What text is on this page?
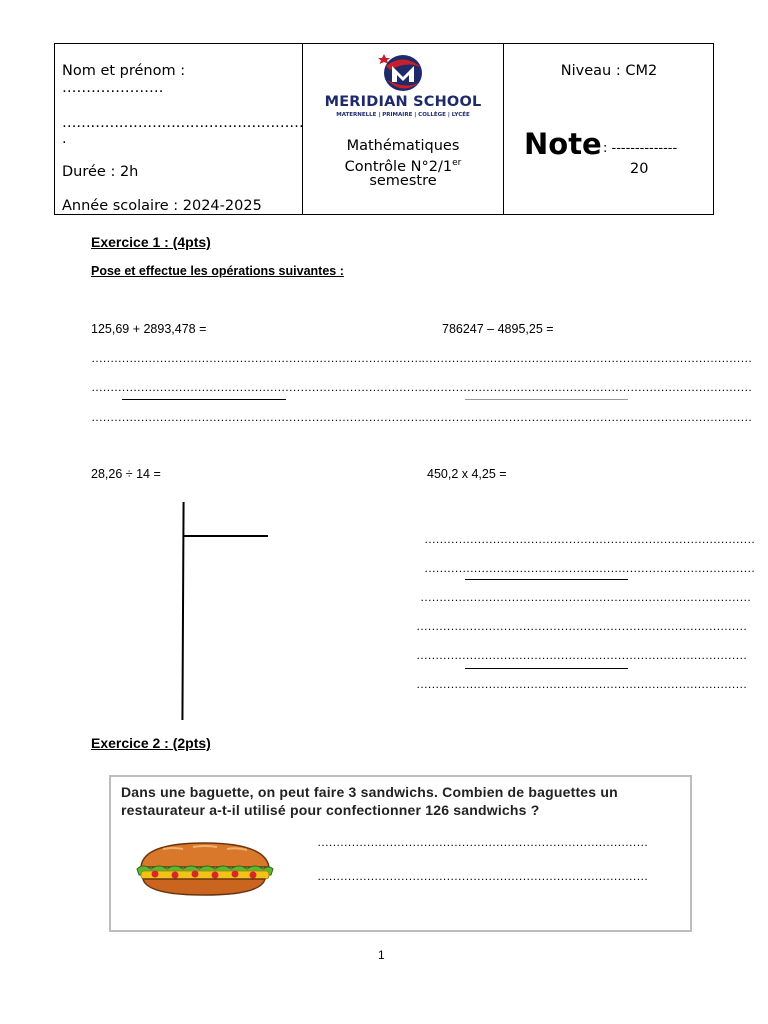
Nom et prénom :
…………………
……………………………………………
.
Durée : 2h
Année scolaire : 2024-2025
MERIDIAN SCHOOL
MATERNELLE | PRIMAIRE | COLLÈGE | LYCÉE
Mathématiques
Contrôle N°2/1er
semestre
Niveau : CM2
Note : --------------
20
Exercice 1 : (4pts)
Pose et effectue les opérations suivantes :
125,69 + 2893,478 =	786247 – 4895,25 =
……………………………………………………………………………
……………………………………………………………………………
……………………………………………………………………………
……………………………………………………………………………
……………………………………………………………………………
……………………………………………………………………………
28,26 ÷ 14 =	450,2 x 4,25 =
……………………………………………………………………………
……………………………………………………………………………
……………………………………………………………………………
……………………………………………………………………………
……………………………………………………………………………
……………………………………………………………………………
Exercice 2 : (2pts)
Dans une baguette, on peut faire 3 sandwichs. Combien de baguettes un
restaurateur a-t-il utilisé pour confectionner 126 sandwichs ?
……………………………………………………………………………
……………………………………………………………………………
1
